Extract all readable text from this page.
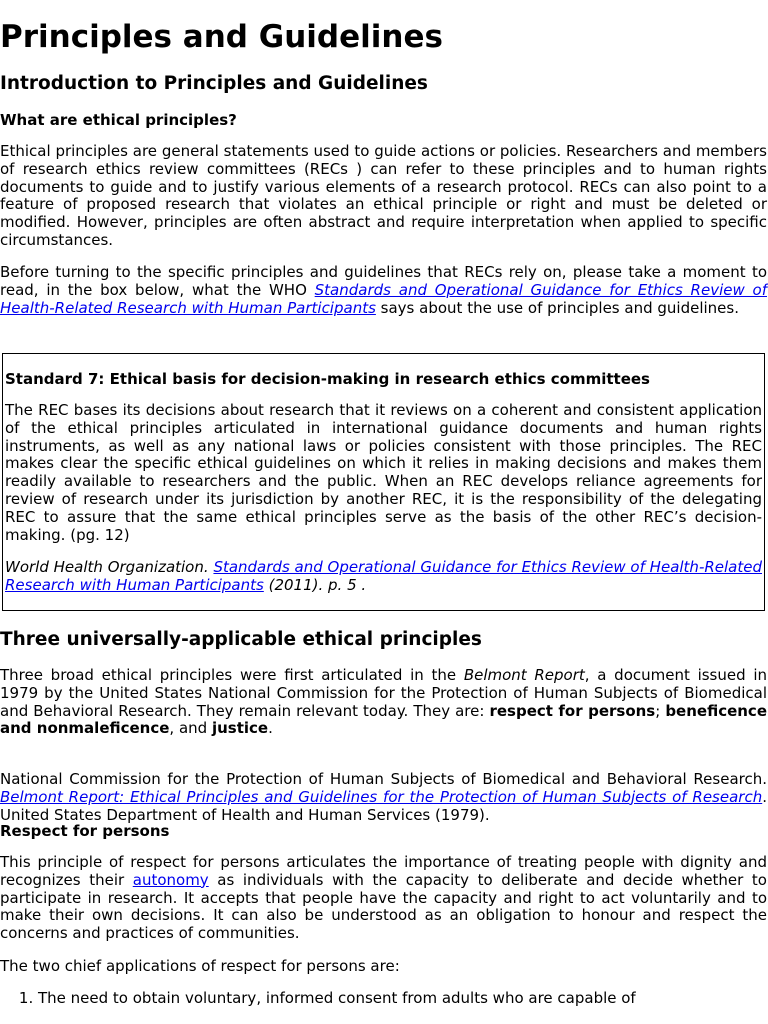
Principles and Guidelines
Introduction to Principles and Guidelines
What are ethical principles?

Ethical principles are general statements used to guide actions or policies. Researchers and members of research ethics review committees (RECs ) can refer to these principles and to human rights documents to guide and to justify various elements of a research protocol. RECs can also point to a feature of proposed research that violates an ethical principle or right and must be deleted or modified. However, principles are often abstract and require interpretation when applied to specific circumstances.

Before turning to the specific principles and guidelines that RECs rely on, please take a moment to read, in the box below, what the WHO Standards and Operational Guidance for Ethics Review of Health-Related Research with Human Participants says about the use of principles and guidelines.

Standard 7: Ethical basis for decision-making in research ethics committees

The REC bases its decisions about research that it reviews on a coherent and consistent application of the ethical principles articulated in international guidance documents and human rights instruments, as well as any national laws or policies consistent with those principles. The REC makes clear the specific ethical guidelines on which it relies in making decisions and makes them readily available to researchers and the public. When an REC develops reliance agreements for review of research under its jurisdiction by another REC, it is the responsibility of the delegating REC to assure that the same ethical principles serve as the basis of the other REC’s decision-making. (pg. 12)

World Health Organization. Standards and Operational Guidance for Ethics Review of Health-Related Research with Human Participants (2011). p. 5 .

Three universally-applicable ethical principles

Three broad ethical principles were first articulated in the Belmont Report, a document issued in 1979 by the United States National Commission for the Protection of Human Subjects of Biomedical and Behavioral Research. They remain relevant today. They are: respect for persons; beneficence and nonmaleficence, and justice.

National Commission for the Protection of Human Subjects of Biomedical and Behavioral Research. Belmont Report: Ethical Principles and Guidelines for the Protection of Human Subjects of Research. United States Department of Health and Human Services (1979).

Respect for persons

This principle of respect for persons articulates the importance of treating people with dignity and recognizes their autonomy as individuals with the capacity to deliberate and decide whether to participate in research. It accepts that people have the capacity and right to act voluntarily and to make their own decisions. It can also be understood as an obligation to honour and respect the concerns and practices of communities.

The two chief applications of respect for persons are:

1. The need to obtain voluntary, informed consent from adults who are capable of
